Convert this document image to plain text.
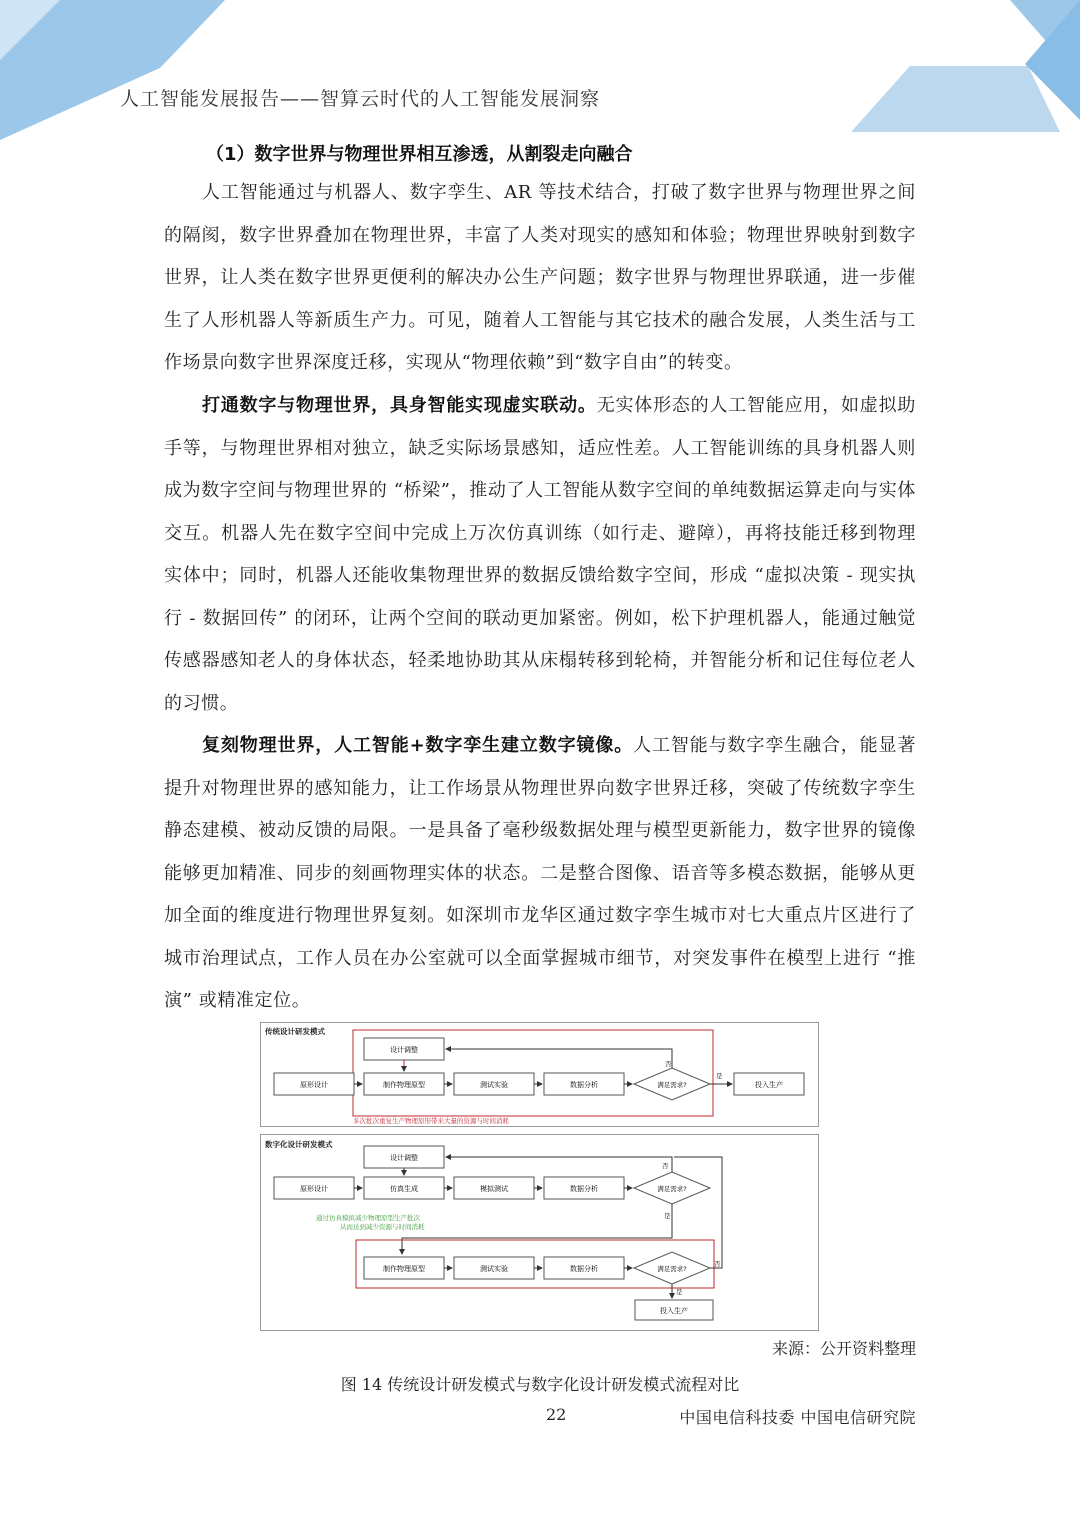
人工智能发展报告——智算云时代的人工智能发展洞察
（1）数字世界与物理世界相互渗透，从割裂走向融合

人工智能通过与机器人、数字孪生、AR 等技术结合，打破了数字世界与物理世界之间的隔阂，数字世界叠加在物理世界，丰富了人类对现实的感知和体验；物理世界映射到数字世界，让人类在数字世界更便利的解决办公生产问题；数字世界与物理世界联通，进一步催生了人形机器人等新质生产力。可见，随着人工智能与其它技术的融合发展，人类生活与工作场景向数字世界深度迁移，实现从“物理依赖”到“数字自由”的转变。

打通数字与物理世界，具身智能实现虚实联动。无实体形态的人工智能应用，如虚拟助手等，与物理世界相对独立，缺乏实际场景感知，适应性差。人工智能训练的具身机器人则成为数字空间与物理世界的 “桥梁”，推动了人工智能从数字空间的单纯数据运算走向与实体交互。机器人先在数字空间中完成上万次仿真训练（如行走、避障），再将技能迁移到物理实体中；同时，机器人还能收集物理世界的数据反馈给数字空间，形成 “虚拟决策 - 现实执行 - 数据回传” 的闭环，让两个空间的联动更加紧密。例如，松下护理机器人，能通过触觉传感器感知老人的身体状态，轻柔地协助其从床榻转移到轮椅，并智能分析和记住每位老人的习惯。

复刻物理世界，人工智能+数字孪生建立数字镜像。人工智能与数字孪生融合，能显著提升对物理世界的感知能力，让工作场景从物理世界向数字世界迁移，突破了传统数字孪生静态建模、被动反馈的局限。一是具备了毫秒级数据处理与模型更新能力，数字世界的镜像能够更加精准、同步的刻画物理实体的状态。二是整合图像、语音等多模态数据，能够从更加全面的维度进行物理世界复刻。如深圳市龙华区通过数字孪生城市对七大重点片区进行了城市治理试点，工作人员在办公室就可以全面掌握城市细节，对突发事件在模型上进行 “推演” 或精准定位。

传统设计研发模式
设计调整
原形设计	制作物理原型	测试实验	数据分析	满足需求?	投入生产
否
是
多次批次重复生产物理原形带来大量的资源与时间消耗
数字化设计研发模式
设计调整
原形设计	仿真生成	模拟测试	数据分析	满足需求?
否
是
通过仿真模拟减少物理原型生产批次
从而达到减少资源与时间消耗
制作物理原型	测试实验	数据分析	满足需求?
否
是
投入生产
来源：公开资料整理
图 14 传统设计研发模式与数字化设计研发模式流程对比
22	中国电信科技委 中国电信研究院
